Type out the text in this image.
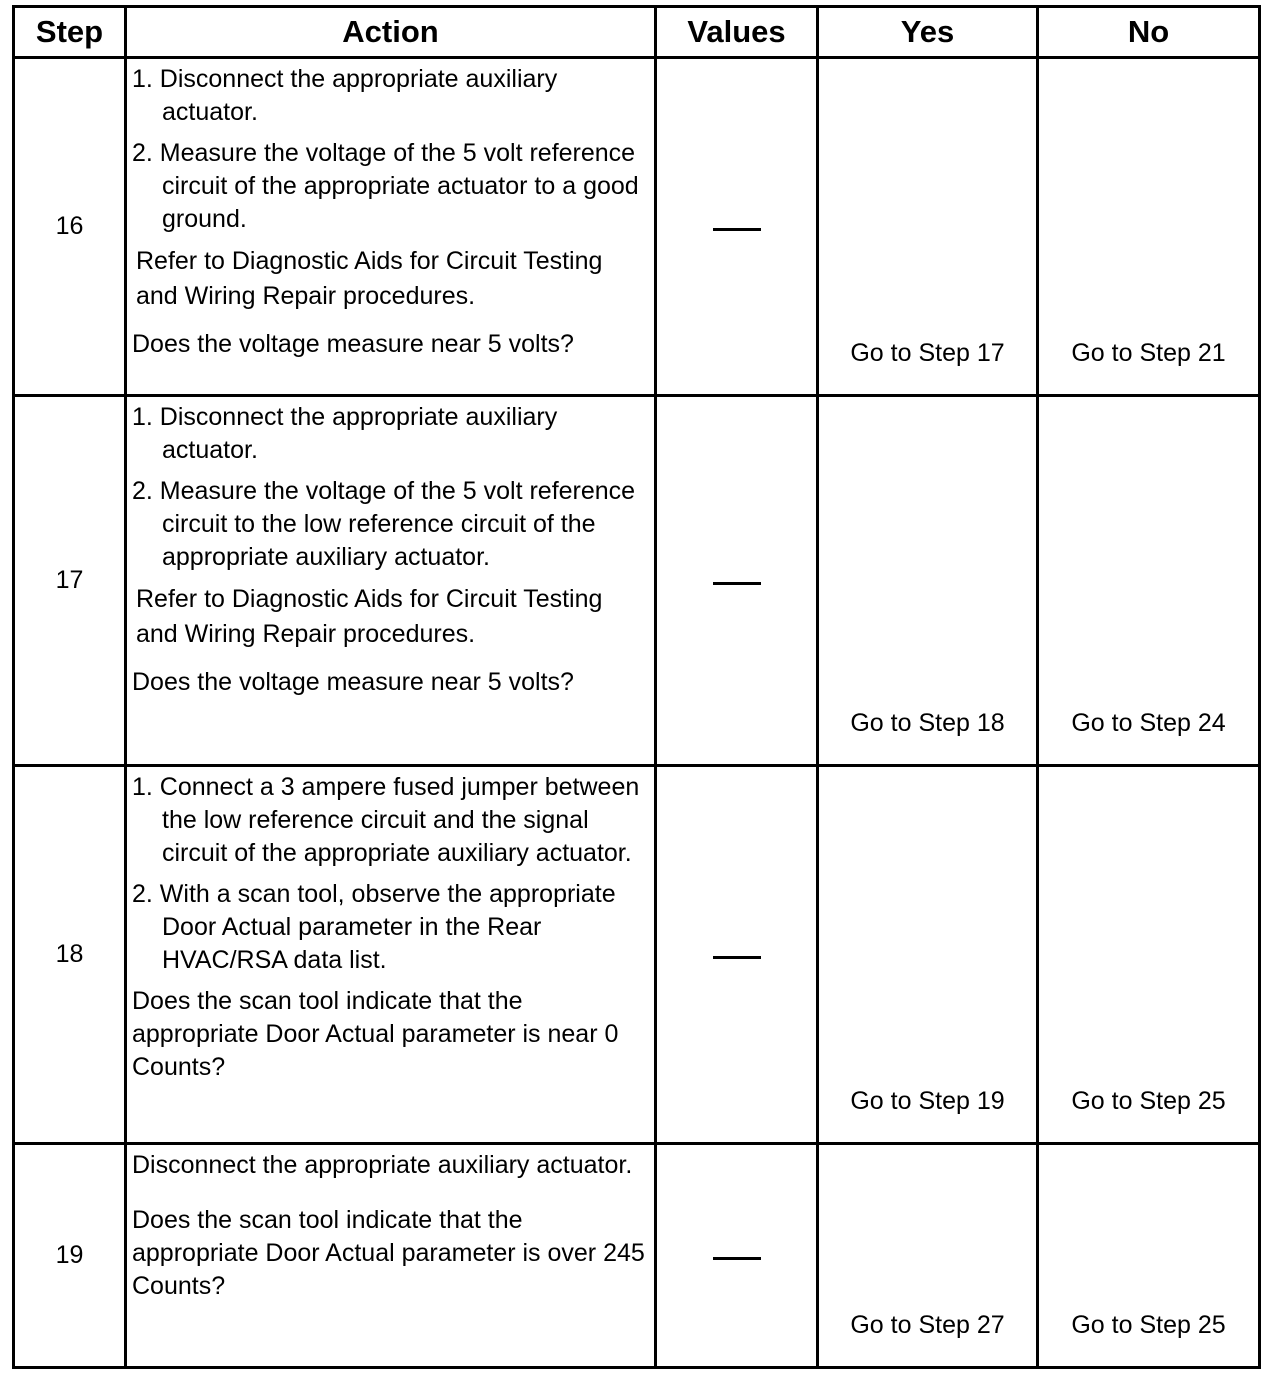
Step	Action	Values	Yes	No
16	1. Disconnect the appropriate auxiliary actuator.

2. Measure the voltage of the 5 volt reference circuit of the appropriate actuator to a good ground.

Refer to Diagnostic Aids for Circuit Testing and Wiring Repair procedures.

Does the voltage measure near 5 volts?		Go to Step 17	Go to Step 21
17	1. Disconnect the appropriate auxiliary actuator.

2. Measure the voltage of the 5 volt reference circuit to the low reference circuit of the appropriate auxiliary actuator.

Refer to Diagnostic Aids for Circuit Testing and Wiring Repair procedures.

Does the voltage measure near 5 volts?		Go to Step 18	Go to Step 24
18	1. Connect a 3 ampere fused jumper between the low reference circuit and the signal circuit of the appropriate auxiliary actuator.

2. With a scan tool, observe the appropriate Door Actual parameter in the Rear HVAC/RSA data list.

Does the scan tool indicate that the appropriate Door Actual parameter is near 0 Counts?		Go to Step 19	Go to Step 25
19	Disconnect the appropriate auxiliary actuator.

Does the scan tool indicate that the appropriate Door Actual parameter is over 245 Counts?		Go to Step 27	Go to Step 25
